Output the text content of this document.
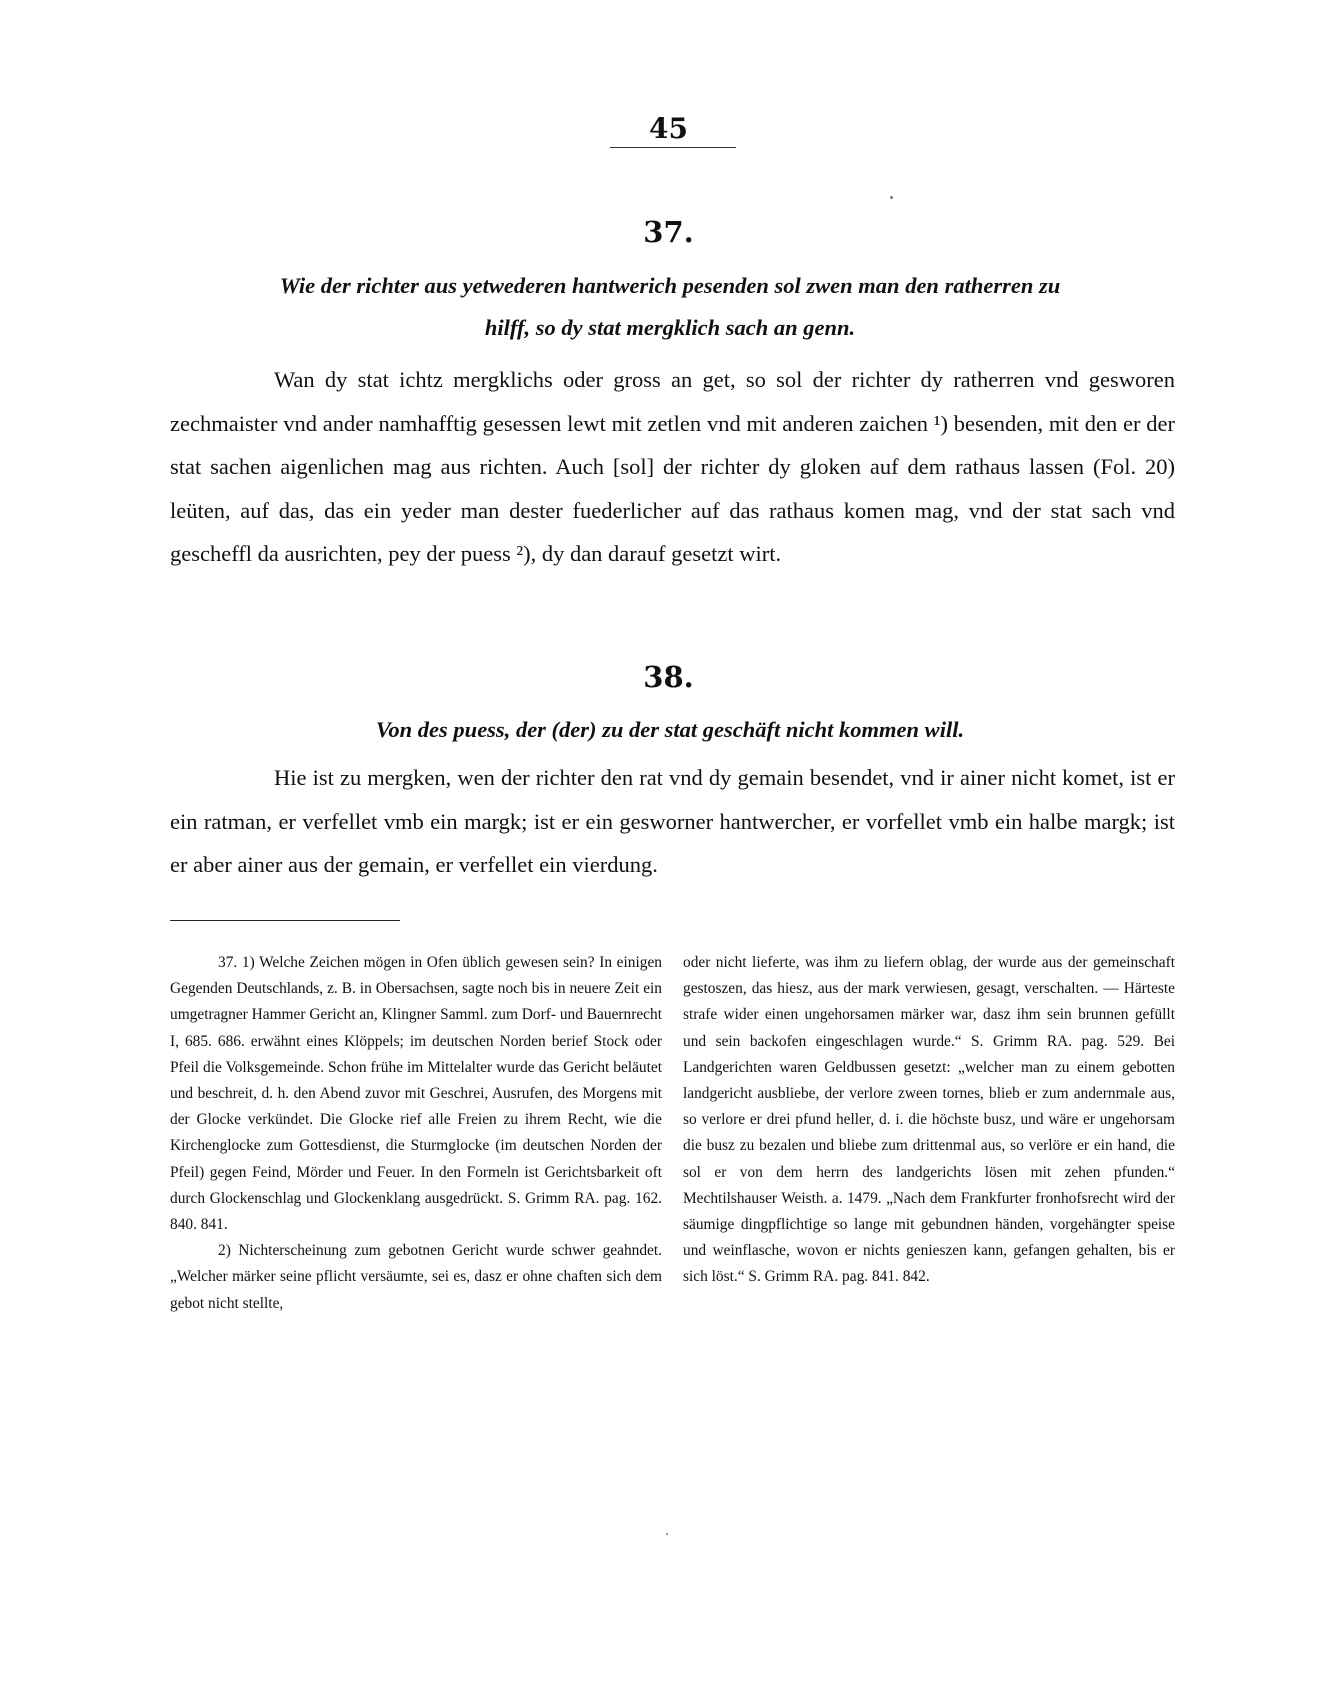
45
37.
Wie der richter aus yetwederen hantwerich pesenden sol zwen man den ratherren zu
hilff, so dy stat mergklich sach an genn.

Wan dy stat ichtz mergklichs oder gross an get, so sol der richter dy ratherren vnd gesworen zechmaister vnd ander namhafftig gesessen lewt mit zetlen vnd mit anderen zaichen ¹) besenden, mit den er der stat sachen aigenlichen mag aus richten. Auch [sol] der richter dy gloken auf dem rathaus lassen (Fol. 20) leüten, auf das, das ein yeder man dester fuederlicher auf das rathaus komen mag, vnd der stat sach vnd gescheffl da ausrichten, pey der puess ²), dy dan darauf gesetzt wirt.

38.
Von des puess, der (der) zu der stat geschäft nicht kommen will.

Hie ist zu mergken, wen der richter den rat vnd dy gemain besendet, vnd ir ainer nicht komet, ist er ein ratman, er verfellet vmb ein margk; ist er ein gesworner hantwercher, er vorfellet vmb ein halbe margk; ist er aber ainer aus der gemain, er verfellet ein vierdung.

37. 1) Welche Zeichen mögen in Ofen üblich gewesen sein? In einigen Gegenden Deutschlands, z. B. in Obersachsen, sagte noch bis in neuere Zeit ein umgetragner Hammer Gericht an, Klingner Samml. zum Dorf- und Bauernrecht I, 685. 686. erwähnt eines Klöppels; im deutschen Norden berief Stock oder Pfeil die Volksgemeinde. Schon frühe im Mittelalter wurde das Gericht beläutet und beschreit, d. h. den Abend zuvor mit Geschrei, Ausrufen, des Morgens mit der Glocke verkündet. Die Glocke rief alle Freien zu ihrem Recht, wie die Kirchenglocke zum Gottesdienst, die Sturmglocke (im deutschen Norden der Pfeil) gegen Feind, Mörder und Feuer. In den Formeln ist Gerichtsbarkeit oft durch Glockenschlag und Glockenklang ausgedrückt. S. Grimm RA. pag. 162. 840. 841.

2) Nichterscheinung zum gebotnen Gericht wurde schwer geahndet. „Welcher märker seine pflicht versäumte, sei es, dasz er ohne chaften sich dem gebot nicht stellte,

oder nicht lieferte, was ihm zu liefern oblag, der wurde aus der gemeinschaft gestoszen, das hiesz, aus der mark verwiesen, gesagt, verschalten. — Härteste strafe wider einen ungehorsamen märker war, dasz ihm sein brunnen gefüllt und sein backofen eingeschlagen wurde.“ S. Grimm RA. pag. 529. Bei Landgerichten waren Geldbussen gesetzt: „welcher man zu einem gebotten landgericht ausbliebe, der verlore zween tornes, blieb er zum andernmale aus, so verlore er drei pfund heller, d. i. die höchste busz, und wäre er ungehorsam die busz zu bezalen und bliebe zum drittenmal aus, so verlöre er ein hand, die sol er von dem herrn des landgerichts lösen mit zehen pfunden.“ Mechtilshauser Weisth. a. 1479. „Nach dem Frankfurter fronhofsrecht wird der säumige dingpflichtige so lange mit gebundnen händen, vorgehängter speise und weinflasche, wovon er nichts genieszen kann, gefangen gehalten, bis er sich löst.“ S. Grimm RA. pag. 841. 842.
